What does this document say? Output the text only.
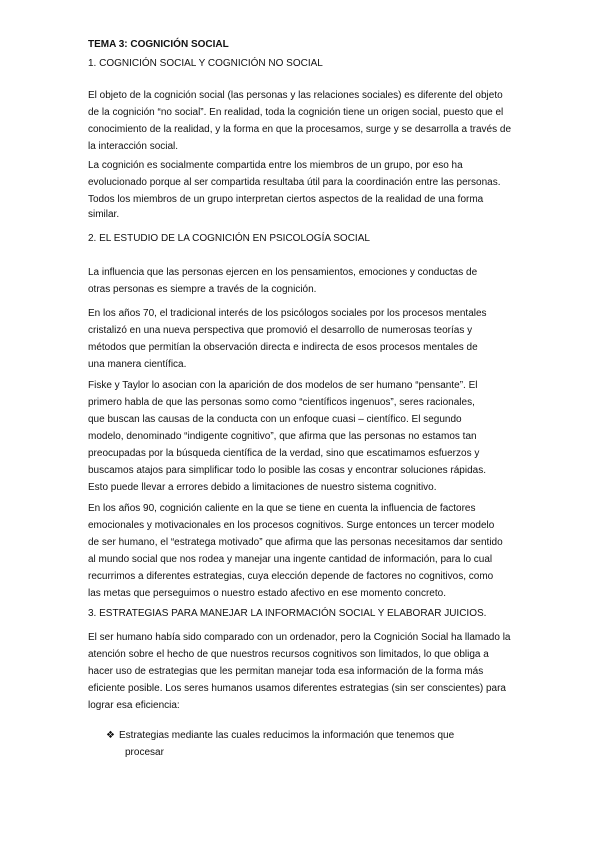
TEMA 3: COGNICIÓN SOCIAL
1. COGNICIÓN SOCIAL Y COGNICIÓN NO SOCIAL
El objeto de la cognición social (las personas y las relaciones sociales) es diferente del objeto
de la cognición “no social”. En realidad, toda la cognición tiene un origen social, puesto que el
conocimiento de la realidad, y la forma en que la procesamos, surge y se desarrolla a través de
la interacción social.
La cognición es socialmente compartida entre los miembros de un grupo, por eso ha
evolucionado porque al ser compartida resultaba útil para la coordinación entre las personas.
Todos los miembros de un grupo interpretan ciertos aspectos de la realidad de una forma
similar.
2. EL ESTUDIO DE LA COGNICIÓN EN PSICOLOGÍA SOCIAL
La influencia que las personas ejercen en los pensamientos, emociones y conductas de
otras personas es siempre a través de la cognición.
En los años 70, el tradicional interés de los psicólogos sociales por los procesos mentales
cristalizó en una nueva perspectiva que promovió el desarrollo de numerosas teorías y
métodos que permitían la observación directa e indirecta de esos procesos mentales de
una manera científica.
Fiske y Taylor lo asocian con la aparición de dos modelos de ser humano “pensante”. El
primero habla de que las personas somo como “científicos ingenuos”, seres racionales,
que buscan las causas de la conducta con un enfoque cuasi – científico. El segundo
modelo, denominado “indigente cognitivo”, que afirma que las personas no estamos tan
preocupadas por la búsqueda científica de la verdad, sino que escatimamos esfuerzos y
buscamos atajos para simplificar todo lo posible las cosas y encontrar soluciones rápidas.
Esto puede llevar a errores debido a limitaciones de nuestro sistema cognitivo.
En los años 90, cognición caliente en la que se tiene en cuenta la influencia de factores
emocionales y motivacionales en los procesos cognitivos. Surge entonces un tercer modelo
de ser humano, el “estratega motivado” que afirma que las personas necesitamos dar sentido
al mundo social que nos rodea y manejar una ingente cantidad de información, para lo cual
recurrimos a diferentes estrategias, cuya elección depende de factores no cognitivos, como
las metas que perseguimos o nuestro estado afectivo en ese momento concreto.
3. ESTRATEGIAS PARA MANEJAR LA INFORMACIÓN SOCIAL Y ELABORAR JUICIOS.
El ser humano había sido comparado con un ordenador, pero la Cognición Social ha llamado la
atención sobre el hecho de que nuestros recursos cognitivos son limitados, lo que obliga a
hacer uso de estrategias que les permitan manejar toda esa información de la forma más
eficiente posible. Los seres humanos usamos diferentes estrategias (sin ser conscientes) para
lograr esa eficiencia:
❖ Estrategias mediante las cuales reducimos la información que tenemos que
procesar
